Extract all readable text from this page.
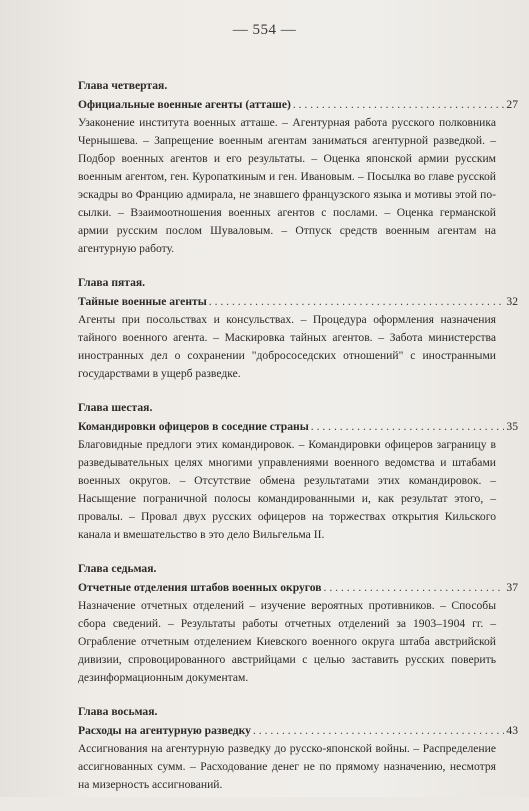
— 554 —
Глава четвертая.
Официальные военные агенты (атташе) . . .	27

Узаконение института военных атташе. – Агентурная работа русского полковника Чернышева. – Запрещение военным агентам заниматься агентурной разведкой. – Подбор военных агентов и его результаты. – Оценка японской армии русским военным агентом, ген. Куропаткиным и ген. Ивановым. – Посылка во главе русской эскадры во Францию адмирала, не знавшего французского языка и мотивы этой по-сылки. – Взаимоотношения военных агентов с послами. – Оценка германской армии русским послом Шуваловым. – Отпуск средств военным агентам на агентурную работу.

Глава пятая.
Тайные военные агенты . . .	32

Агенты при посольствах и консульствах. – Процедура оформления назначения тайного военного агента. – Маскировка тайных агентов. – Забота министерства иностранных дел о сохранении "добрососедских отношений" с иностранными государствами в ущерб разведке.

Глава шестая.
Командировки офицеров в соседние страны . . .	35

Благовидные предлоги этих командировок. – Командировки офицеров заграницу в разведывательных целях многими управлениями военного ведомства и штабами военных округов. – Отсутствие обмена результатами этих командировок. – Насыщение пограничной полосы командированными и, как результат этого, – провалы. – Провал двух русских офицеров на торжествах открытия Кильского канала и вмешательство в это дело Вильгельма II.

Глава седьмая.
Отчетные отделения штабов военных округов . . .	37

Назначение отчетных отделений – изучение вероятных противников. – Способы сбора сведений. – Результаты работы отчетных отделений за 1903–1904 гг. – Ограбление отчетным отделением Киевского военного округа штаба австрийской дивизии, спровоцированного австрийцами с целью заставить русских поверить дезинформационным документам.

Глава восьмая.
Расходы на агентурную разведку . . .	43

Ассигнования на агентурную разведку до русско-японской войны. – Распределение ассигнованных сумм. – Расходование денег не по прямому назначению, несмотря на мизерность ассигнований.
